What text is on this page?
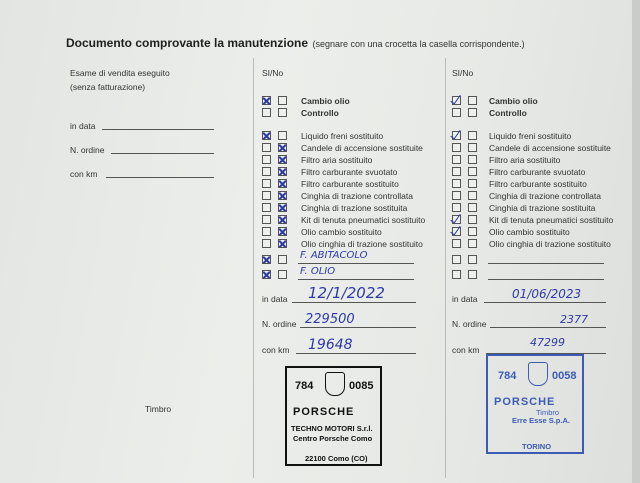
Documento comprovante la manutenzione (segnare con una crocetta la casella corrispondente.)
Esame di vendita eseguito
(senza fatturazione)
in data
N. ordine
con km
Timbro
SI/No
Cambio olio
Controllo
Liquido freni sostituito
Candele di accensione sostituite
Filtro aria sostituito
Filtro carburante svuotato
Filtro carburante sostituito
Cinghia di trazione controllata
Cinghia di trazione sostituita
Kit di tenuta pneumatici sostituito
Olio cambio sostituito
Olio cinghia di trazione sostituito
F. ABITACOLO
F. OLIO
in data 12/1/2022
N. ordine 229500
con km 19648
784	0085
PORSCHE
TECHNO MOTORI S.r.l.
Centro Porsche Como
22100 Como (CO)
SI/No
Cambio olio
Controllo
Liquido freni sostituito
Candele di accensione sostituite
Filtro aria sostituito
Filtro carburante svuotato
Filtro carburante sostituito
Cinghia di trazione controllata
Cinghia di trazione sostituita
Kit di tenuta pneumatici sostituito
Olio cambio sostituito
Olio cinghia di trazione sostituito
in data	01/06/2023
N. ordine	2377
con km
47299
784	0058
PORSCHE
Timbro
Erre Esse S.p.A.
TORINO
